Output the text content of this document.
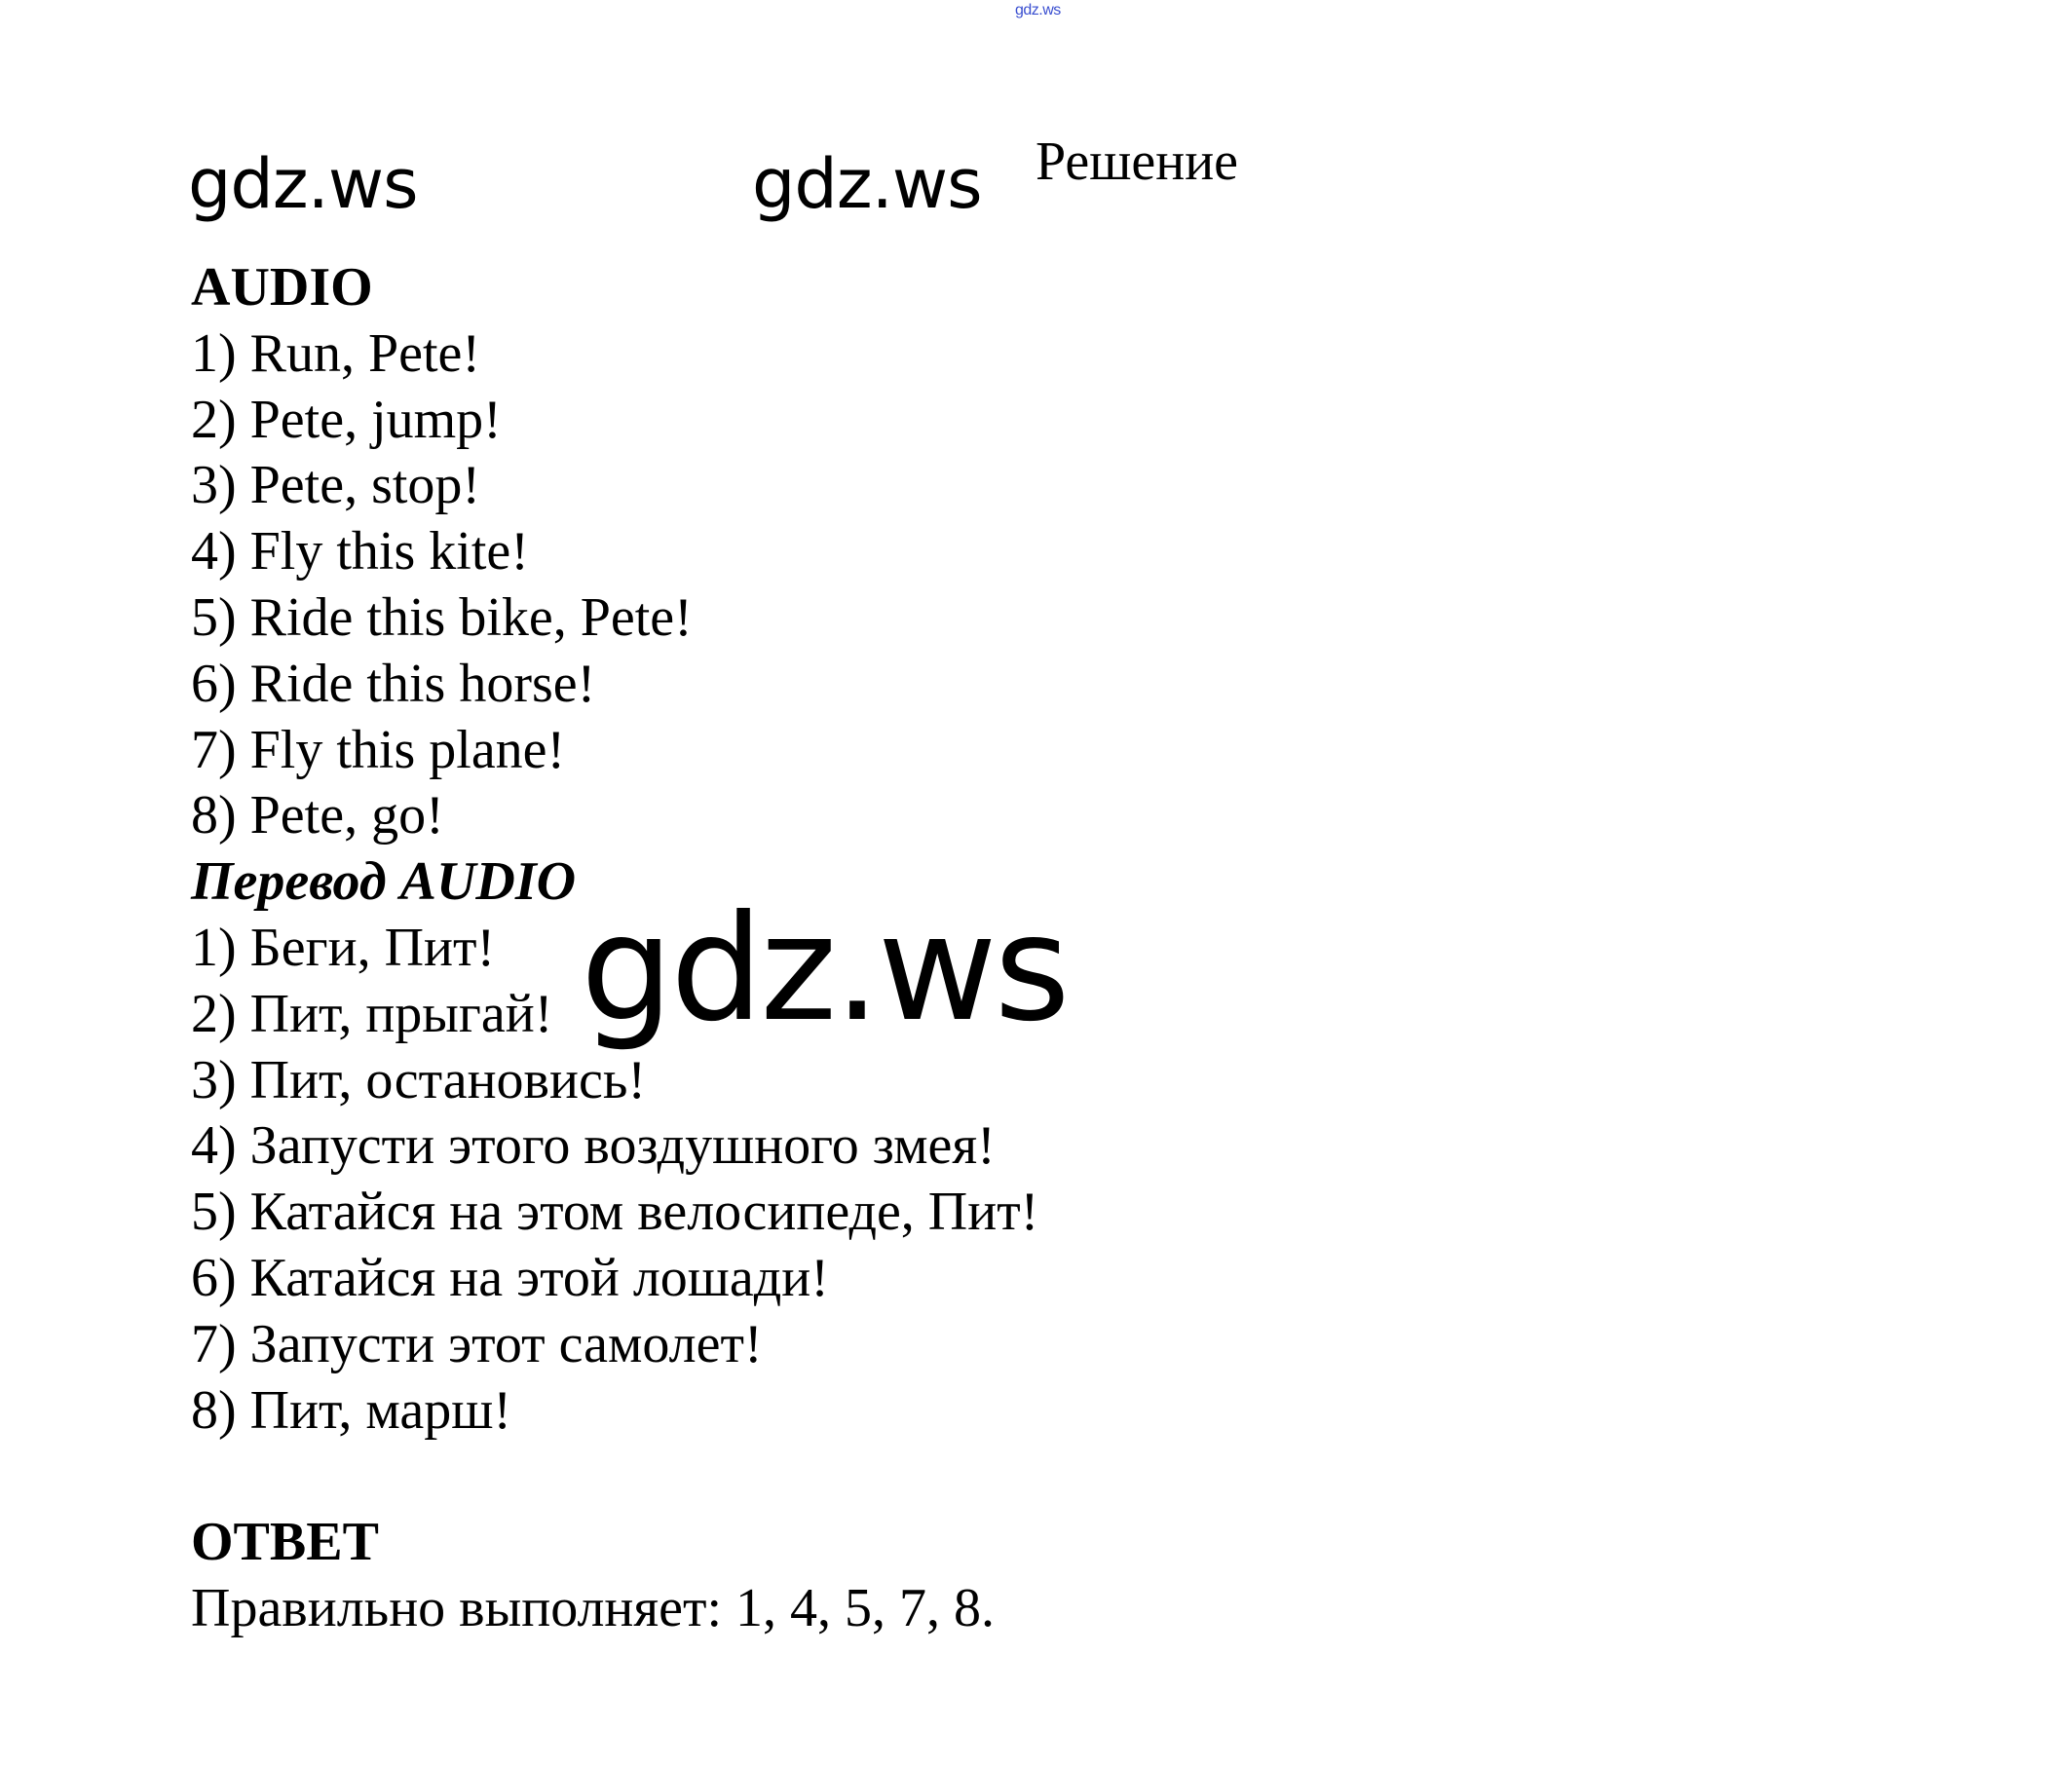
gdz.ws
gdz.ws	gdz.ws Решение
AUDIO
1) Run, Pete!
2) Pete, jump!
3) Pete, stop!
4) Fly this kite!
5) Ride this bike, Pete!
6) Ride this horse!
7) Fly this plane!
8) Pete, go!
Перевод AUDIO
1) Беги, Пит!
2) Пит, прыгай!
3) Пит, остановись!
4) Запусти этого воздушного змея!
5) Катайся на этом велосипеде, Пит!
6) Катайся на этой лошади!
7) Запусти этот самолет!
8) Пит, марш!
ОТВЕТ
Правильно выполняет: 1, 4, 5, 7, 8.
gdz.ws
